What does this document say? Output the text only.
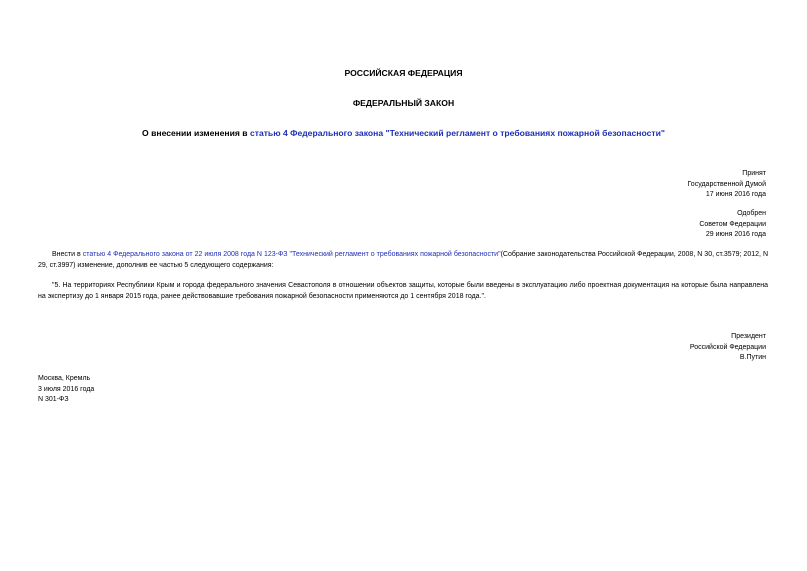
РОССИЙСКАЯ ФЕДЕРАЦИЯ
ФЕДЕРАЛЬНЫЙ ЗАКОН
О внесении изменения в статью 4 Федерального закона "Технический регламент о требованиях пожарной безопасности"
Принят
Государственной Думой
17 июня 2016 года
Одобрен
Советом Федерации
29 июня 2016 года
Внести в статью 4 Федерального закона от 22 июля 2008 года N 123-ФЗ "Технический регламент о требованиях пожарной безопасности"(Собрание законодательства Российской Федерации, 2008, N 30, ст.3579; 2012, N 29, ст.3997) изменение, дополнив ее частью 5 следующего содержания:
"5. На территориях Республики Крым и города федерального значения Севастополя в отношении объектов защиты, которые были введены в эксплуатацию либо проектная документация на которые была направлена на экспертизу до 1 января 2015 года, ранее действовавшие требования пожарной безопасности применяются до 1 сентября 2018 года.".
Президент
Российской Федерации
В.Путин
Москва, Кремль
3 июля 2016 года
N 301-ФЗ
